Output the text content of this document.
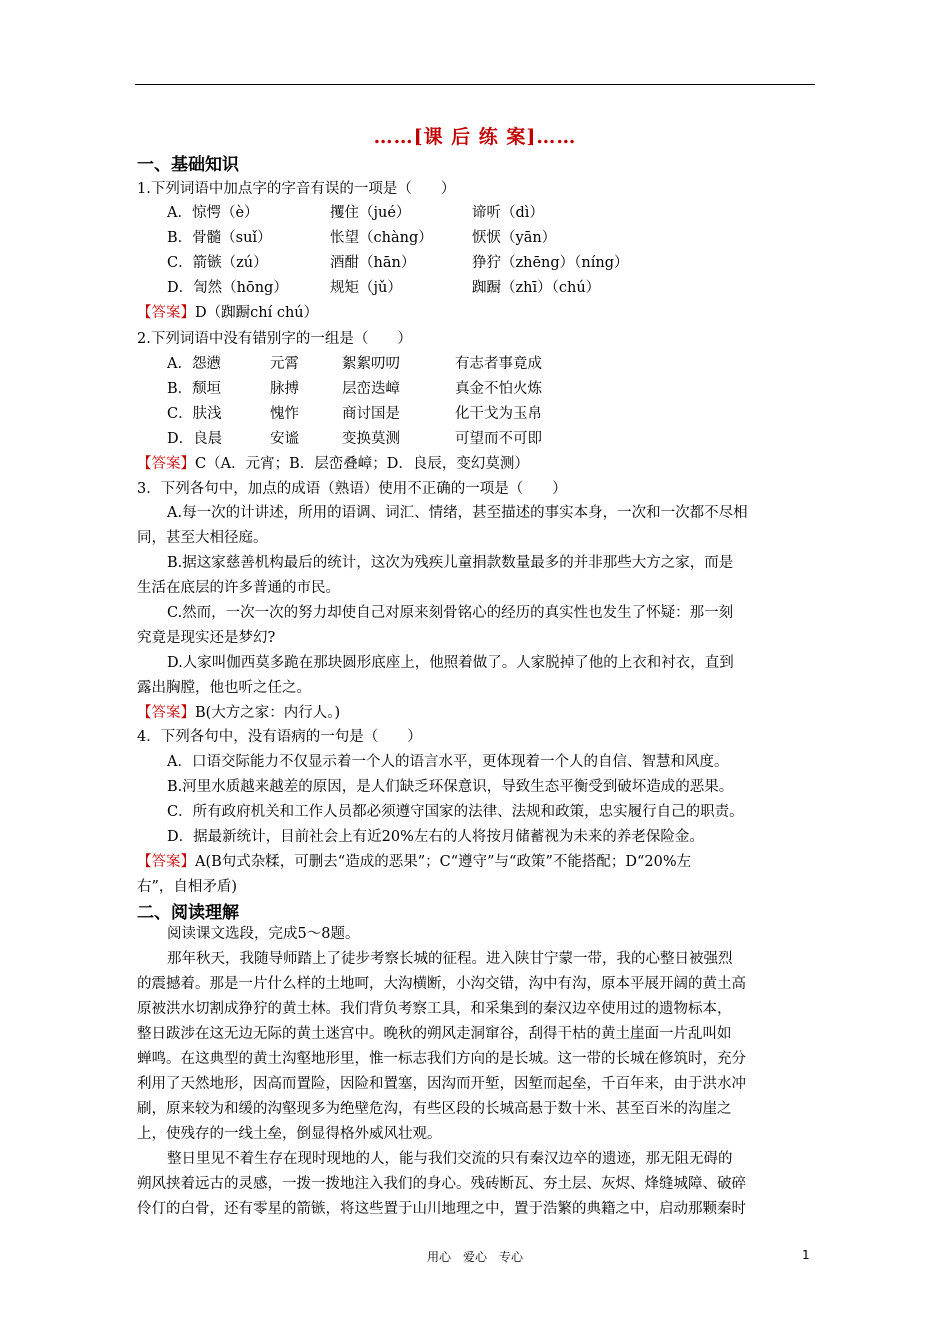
……[课 后 练 案]……
一、基础知识
1.下列词语中加点字的字音有误的一项是（　　）
A．惊愕（è）	攫住（jué）	谛听（dì）
B．骨髓（suǐ）	怅望（chàng）	恹恹（yān）
C．箭镞（zú）	酒酣（hān）	狰狞（zhēng）（níng）
D．訇然（hōng）	规矩（jǔ）	踟蹰（zhī）（chú）
【答案】D（踟蹰chí chú）
2.下列词语中没有错别字的一组是（　　）
A．怨懑	元霄	絮絮叨叨	有志者事竟成
B．颓垣	脉搏	层峦迭嶂	真金不怕火炼
C．肤浅	愧怍	商讨国是	化干戈为玉帛
D．良晨	安谧	变换莫测	可望而不可即
【答案】C（A．元宵；B．层峦叠嶂；D．良辰，变幻莫测）
3．下列各句中，加点的成语（熟语）使用不正确的一项是（　　）
A.每一次的计讲述，所用的语调、词汇、情绪，甚至描述的事实本身，一次和一次都不尽相
同，甚至大相径庭。
B.据这家慈善机构最后的统计，这次为残疾儿童捐款数量最多的并非那些大方之家，而是
生活在底层的许多普通的市民。
C.然而，一次一次的努力却使自己对原来刻骨铭心的经历的真实性也发生了怀疑：那一刻
究竟是现实还是梦幻?
D.人家叫伽西莫多跪在那块圆形底座上，他照着做了。人家脱掉了他的上衣和衬衣，直到
露出胸膛，他也听之任之。
【答案】B(大方之家：内行人。)
4．下列各句中，没有语病的一句是（　　）
A．口语交际能力不仅显示着一个人的语言水平，更体现着一个人的自信、智慧和风度。
B.河里水质越来越差的原因，是人们缺乏环保意识，导致生态平衡受到破坏造成的恶果。
C．所有政府机关和工作人员都必须遵守国家的法律、法规和政策，忠实履行自己的职责。
D．据最新统计，目前社会上有近20%左右的人将按月储蓄视为未来的养老保险金。
【答案】A(B句式杂糅，可删去“造成的恶果”；C“遵守”与“政策”不能搭配；D“20%左
右”，自相矛盾)
二、阅读理解
阅读课文选段，完成5～8题。
那年秋天，我随导师踏上了徒步考察长城的征程。进入陕甘宁蒙一带，我的心整日被强烈
的震撼着。那是一片什么样的土地呵，大沟横断，小沟交错，沟中有沟，原本平展开阔的黄土高
原被洪水切割成狰狞的黄土林。我们背负考察工具，和采集到的秦汉边卒使用过的遗物标本，
整日跋涉在这无边无际的黄土迷宫中。晚秋的朔风走洞窜谷，刮得干枯的黄土崖面一片乱叫如
蝉鸣。在这典型的黄土沟壑地形里，惟一标志我们方向的是长城。这一带的长城在修筑时，充分
利用了天然地形，因高而置险，因险和置塞，因沟而开堑，因堑而起垒，千百年来，由于洪水冲
刷，原来较为和缓的沟壑现多为绝壁危沟，有些区段的长城高悬于数十米、甚至百米的沟崖之
上，使残存的一线土垒，倒显得格外威风壮观。
整日里见不着生存在现时现地的人，能与我们交流的只有秦汉边卒的遗迹，那无阻无碍的
朔风挟着远古的灵感，一拨一拨地注入我们的身心。残砖断瓦、夯土层、灰烬、烽缝城障、破碎
伶仃的白骨，还有零星的箭镞，将这些置于山川地理之中，置于浩繁的典籍之中，启动那颗秦时
用心　爱心　专心	1
